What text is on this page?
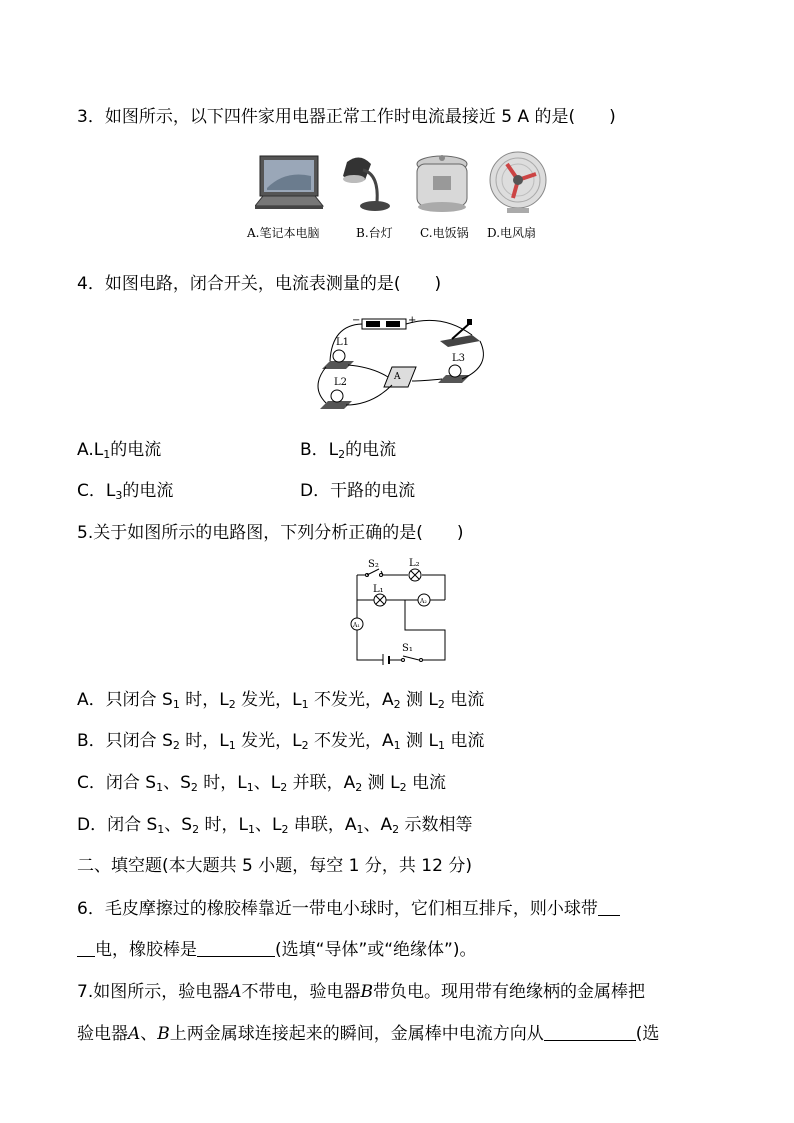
3．如图所示，以下四件家用电器正常工作时电流最接近 5 A 的是(　　)
A.笔记本电脑	B.台灯 C.电饭锅 D.电风扇
4．如图电路，闭合开关，电流表测量的是(　　)
−	+
L1
L2
L3
A
$A.L_1$的电流	B．$L_2$的电流
C．$L_3$的电流	D．干路的电流
5.关于如图所示的电路图，下列分析正确的是(　　)
A₂
A₁
S₂	L₂
L₁
S₁
A．只闭合 $S_1$ 时，$L_2$ 发光，$L_1$ 不发光，$A_2$ 测 $L_2$ 电流
B．只闭合 $S_2$ 时，$L_1$ 发光，$L_2$ 不发光，$A_1$ 测 $L_1$ 电流
C．闭合 $S_1$、$S_2$ 时，$L_1$、$L_2$ 并联，$A_2$ 测 $L_2$ 电流
D．闭合 $S_1$、$S_2$ 时，$L_1$、$L_2$ 串联，$A_1$、$A_2$ 示数相等
二、填空题(本大题共 5 小题，每空 1 分，共 12 分)
6．毛皮摩擦过的橡胶棒靠近一带电小球时，它们相互排斥，则小球带
电，橡胶棒是	(选填“导体”或“绝缘体”)。
7.如图所示，验电器A不带电，验电器B带负电。现用带有绝缘柄的金属棒把
验电器A、B上两金属球连接起来的瞬间，金属棒中电流方向从	(选
